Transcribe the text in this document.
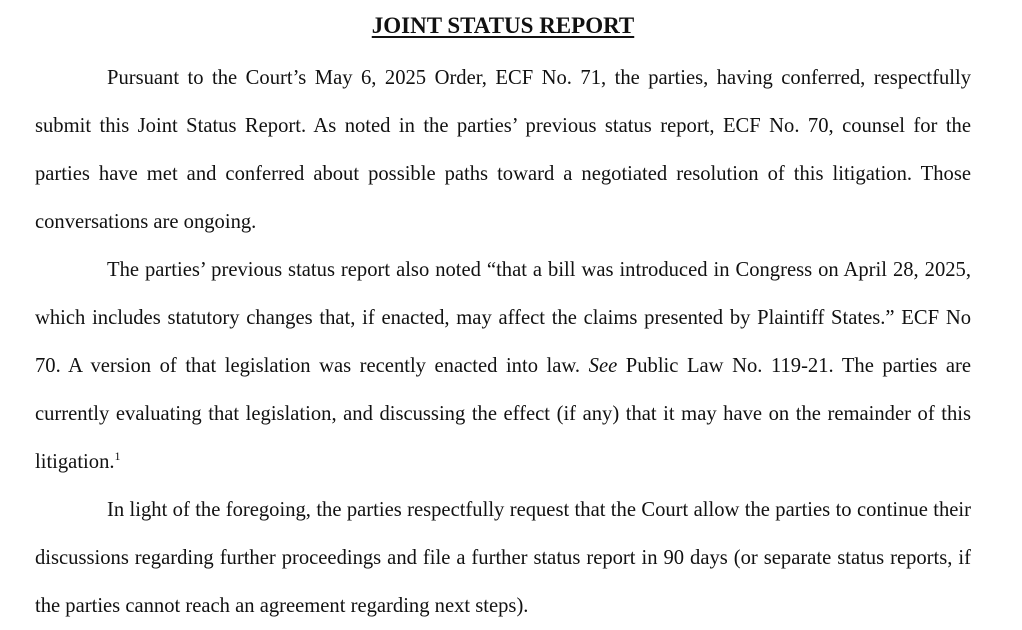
JOINT STATUS REPORT

Pursuant to the Court’s May 6, 2025 Order, ECF No. 71, the parties, having conferred, respectfully submit this Joint Status Report. As noted in the parties’ previous status report, ECF No. 70, counsel for the parties have met and conferred about possible paths toward a negotiated resolution of this litigation. Those conversations are ongoing.

The parties’ previous status report also noted “that a bill was introduced in Congress on April 28, 2025, which includes statutory changes that, if enacted, may affect the claims presented by Plaintiff States.” ECF No 70. A version of that legislation was recently enacted into law. See Public Law No. 119-21. The parties are currently evaluating that legislation, and discussing the effect (if any) that it may have on the remainder of this litigation.$^1$

In light of the foregoing, the parties respectfully request that the Court allow the parties to continue their discussions regarding further proceedings and file a further status report in 90 days (or separate status reports, if the parties cannot reach an agreement regarding next steps).
